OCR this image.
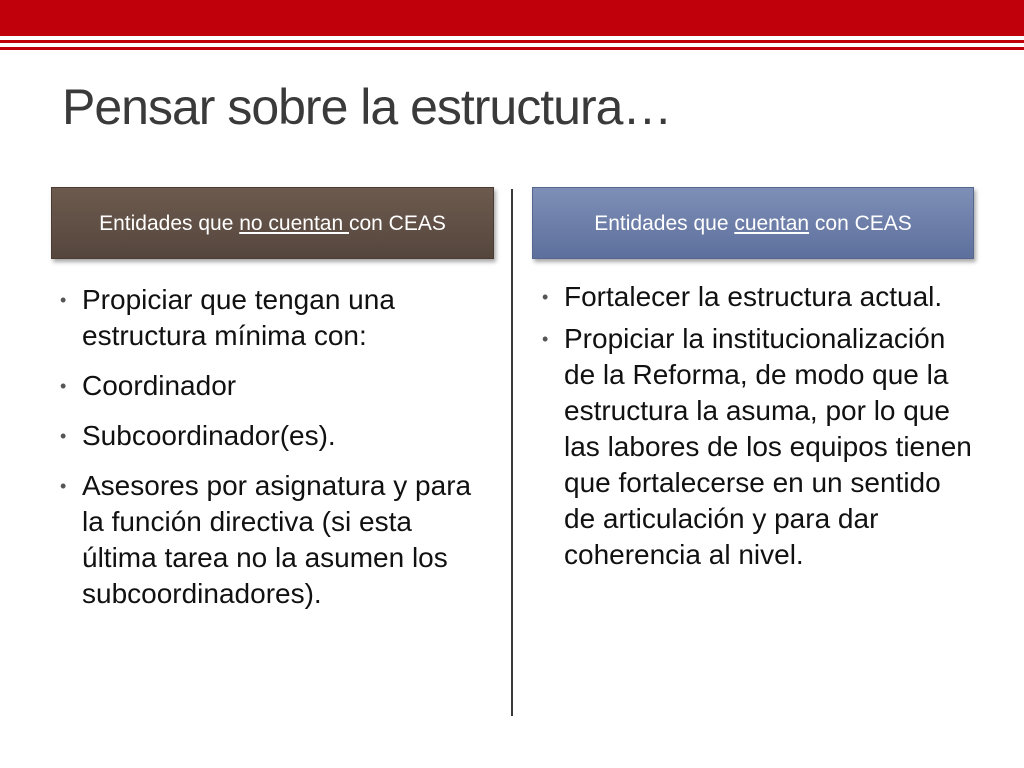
Pensar sobre la estructura…
Entidades que no cuentan con CEAS	Entidades que cuentan con CEAS
• Propiciar que tengan una estructura mínima con:
• Coordinador
• Subcoordinador(es).
• Asesores por asignatura y para la función directiva (si esta última tarea no la asumen los subcoordinadores).
• Fortalecer la estructura actual.
• Propiciar la institucionalización de la Reforma, de modo que la estructura la asuma, por lo que las labores de los equipos tienen que fortalecerse en un sentido de articulación y para dar coherencia al nivel.
